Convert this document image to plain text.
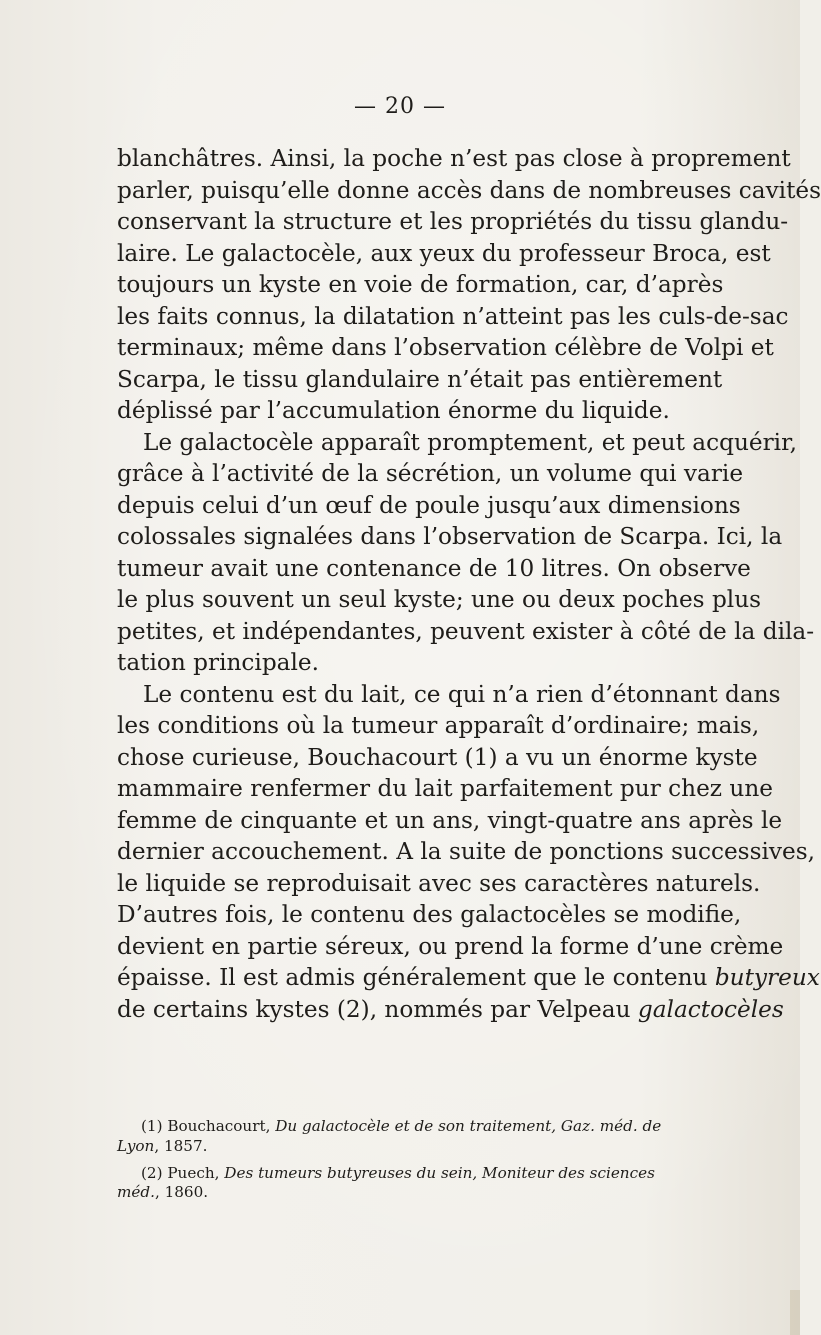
— 20 —
blanchâtres. Ainsi, la poche n’est pas close à proprement
parler, puisqu’elle donne accès dans de nombreuses cavités
conservant la structure et les propriétés du tissu glandu-
laire. Le galactocèle, aux yeux du professeur Broca, est
toujours un kyste en voie de formation, car, d’après
les faits connus, la dilatation n’atteint pas les culs-de-sac
terminaux; même dans l’observation célèbre de Volpi et
Scarpa, le tissu glandulaire n’était pas entièrement
déplissé par l’accumulation énorme du liquide.
Le galactocèle apparaît promptement, et peut acquérir,
grâce à l’activité de la sécrétion, un volume qui varie
depuis celui d’un œuf de poule jusqu’aux dimensions
colossales signalées dans l’observation de Scarpa. Ici, la
tumeur avait une contenance de 10 litres. On observe
le plus souvent un seul kyste; une ou deux poches plus
petites, et indépendantes, peuvent exister à côté de la dila-
tation principale.
Le contenu est du lait, ce qui n’a rien d’étonnant dans
les conditions où la tumeur apparaît d’ordinaire; mais,
chose curieuse, Bouchacourt (1) a vu un énorme kyste
mammaire renfermer du lait parfaitement pur chez une
femme de cinquante et un ans, vingt-quatre ans après le
dernier accouchement. A la suite de ponctions successives,
le liquide se reproduisait avec ses caractères naturels.
D’autres fois, le contenu des galactocèles se modifie,
devient en partie séreux, ou prend la forme d’une crème
épaisse. Il est admis généralement que le contenu butyreux
de certains kystes (2), nommés par Velpeau galactocèles
(1) Bouchacourt, Du galactocèle et de son traitement, Gaz. méd. de
Lyon, 1857.
(2) Puech, Des tumeurs butyreuses du sein, Moniteur des sciences
méd., 1860.
